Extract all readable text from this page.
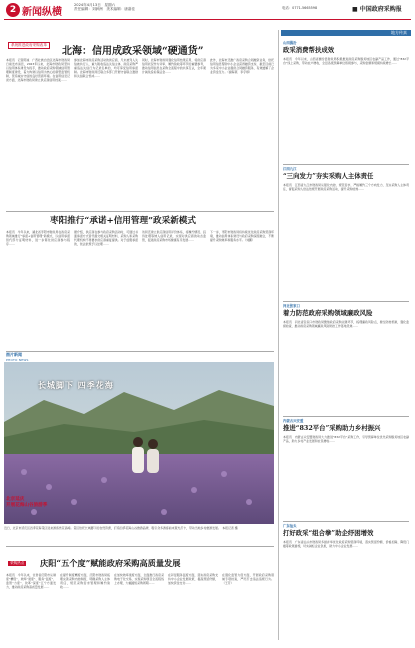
2 新闻纵横
2024年4月13日　星期六
责任编辑：刘润洲　美术编辑：唐嘉佳	电话：0771-5665598	■ 中国政府采购报
地方传真
系统推进政府采购改革
北海：信用成政采领域“硬通货”
本报讯　记者陈诚　广西壮族自治区北海市财政局日前发布消息，2023年以来，北海市财政局坚持以信用体系建设为抓手，推动政府采购领域信用管理制度建设，着力构建以信用为核心的新型监管机制，营造诚实守信的良好营商环境。在信用信息记录方面，北海市财政局建立供应商信用档案……
参加北海市政府采购活动的供应商，凡未被列入失信被执行人、重大税收违法失信主体、政府采购严重违法失信行为记录名单的，均可享受信用承诺制。北海市财政局还联合多部门开展守信联合激励和失信联合惩戒……
同时，北海市财政局强化信用结果应用，将供应商信用状况作为评审、履约验收等环节的重要参考，推动信用信息在采购全流程中的共享互认，全年累计减免投标保证金……
此外，北海市还推广政府采购合同融资业务，依托信用信息帮助中小企业获得融资支持，截至目前已为多家中小企业提供合同融资服务，有效缓解了企业资金压力。（谢海燕　李宇婷）
枣阳推行“承诺+信用管理”政采新模式
本报讯　今年以来，湖北省枣阳市财政局在政府采购领域推行“承诺+信用管理”新模式，以信用承诺替代部分证明材料，进一步简化供应商参与程序……
据介绍，供应商在参与政府采购活动时，可通过书面承诺方式替代提交相关证明材料，采购人和采购代理机构不得要求供应商重复提供。对于虚假承诺的，依法依规予以处理……
该局还建立供应商信用评价体系，将履约情况、投诉处理等纳入信用记录，实现对供应商的动态监管，促进政府采购市场健康有序发展……
下一步，枣阳市财政局将持续优化政府采购营商环境，推动信用体系建设与政府采购深度融合，不断提升采购效率和服务水平。（刘鹏）
图片新闻
PHOTO NEWS
长城脚下 四季花海
北京延庆
开展花海山谷旅游季
近日，北京市延庆区四季花海景区迎来游客赏花高峰。景区依托长城脚下的自然资源，打造四季花海山谷旅游品牌，吸引众多游客前来观光打卡，带动当地乡村旅游发展。　本报记者 摄
采购热点 庆阳“五个度”赋能政府采购高质量发展
本报讯　今年以来，甘肃省庆阳市从制度“精度”、效率“速度”、服务“温度”、监管“力度”、改革“深度”五个方面发力，推动政府采购高质量发展……
在提升制度精度方面，庆阳市财政局梳理完善采购内控制度，明确采购人主体责任，规范采购需求管理和履约验收……
在加快效率速度方面，全面推行政府采购电子化交易，实现采购项目全流程线上办理，大幅缩短采购周期……
在彰显服务温度方面，落实政府采购支持中小企业发展政策，提高预留份额，加快资金支付……
在强化监管力度方面，开展政府采购领域专项检查，严厉打击违法违规行为。（王芳）
山西襄汾
政采消费帮扶成效
本报讯　今年以来，山西省襄汾县财政局积极推进政府采购脱贫地区农副产品工作，通过“832平台”线上采购，带动农户增收，全县各级预算单位积极参与，采购金额和规模持续增长……
江西九江
“三向发力”夯实采购人主体责任
本报讯　江西省九江市财政局从强化内控、规范需求、严格履约三个方向发力，压实采购人主体责任，督促采购人依法依规开展政府采购活动，提升采购质效……
河北张家口
着力防范政府采购领域廉政风险
本报讯　河北省张家口市财政局聚焦政府采购关键环节，梳理廉政风险点，健全防控机制，强化监督检查，推动政府采购领域廉政风险防控工作落地见效……
内蒙古兴安盟
推进“832平台”采购助力乡村振兴
本报讯　内蒙古兴安盟财政局大力推进“832平台”采购工作，引导预算单位优先采购脱贫地区农副产品，助力乡村产业发展和农民增收……
广东汕头
打好政采“组合拳”助企纾困增效
本报讯　广东省汕头市财政局多措并举优化政府采购营商环境，落实预留份额、价格扣除、降低门槛等政策措施，切实减轻企业负担，助力中小企业发展……
